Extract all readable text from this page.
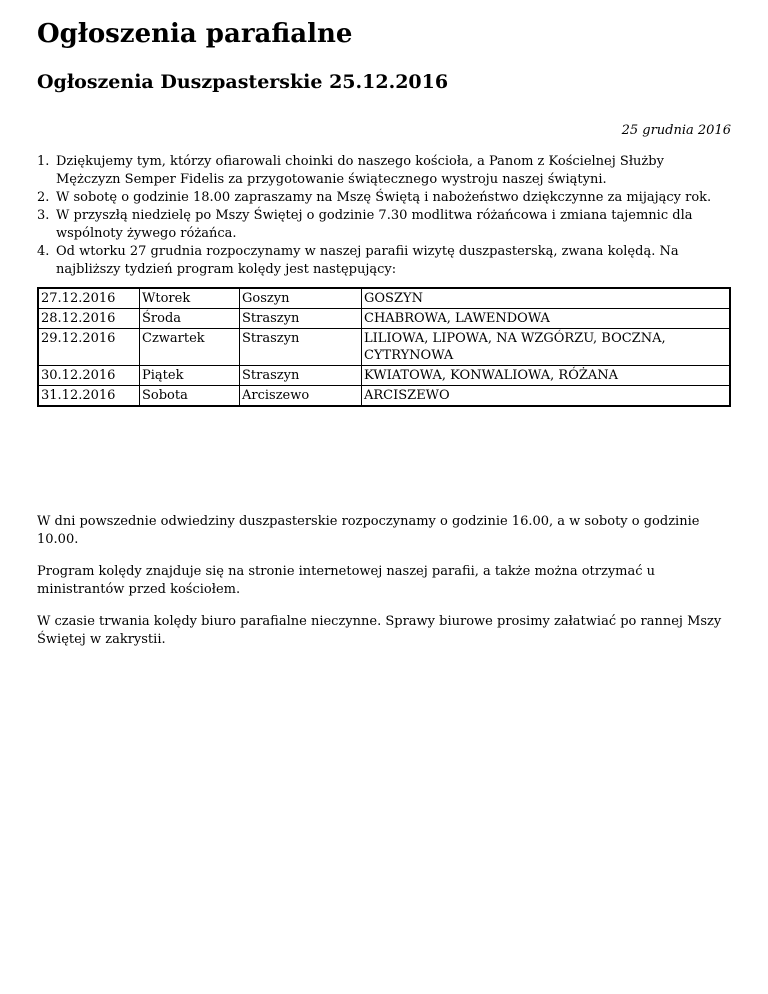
Ogłoszenia parafialne
Ogłoszenia Duszpasterskie 25.12.2016
25 grudnia 2016
1. Dziękujemy tym, którzy ofiarowali choinki do naszego kościoła, a Panom z Kościelnej Służby Mężczyzn Semper Fidelis za przygotowanie świątecznego wystroju naszej świątyni.
2. W sobotę o godzinie 18.00 zapraszamy na Mszę Świętą i nabożeństwo dziękczynne za mijający rok.
3. W przyszłą niedzielę po Mszy Świętej o godzinie 7.30 modlitwa różańcowa i zmiana tajemnic dla wspólnoty żywego różańca.
4. Od wtorku 27 grudnia rozpoczynamy w naszej parafii wizytę duszpasterską, zwana kolędą. Na najbliższy tydzień program kolędy jest następujący:
27.12.2016	Wtorek	Goszyn	GOSZYN
28.12.2016	Środa	Straszyn	CHABROWA, LAWENDOWA
29.12.2016	Czwartek	Straszyn	LILIOWA, LIPOWA, NA WZGÓRZU, BOCZNA, CYTRYNOWA
30.12.2016	Piątek	Straszyn	KWIATOWA, KONWALIOWA, RÓŻANA
31.12.2016	Sobota	Arciszewo	ARCISZEWO

W dni powszednie odwiedziny duszpasterskie rozpoczynamy o godzinie 16.00, a w soboty o godzinie 10.00.

Program kolędy znajduje się na stronie internetowej naszej parafii, a także można otrzymać u ministrantów przed kościołem.

W czasie trwania kolędy biuro parafialne nieczynne. Sprawy biurowe prosimy załatwiać po rannej Mszy Świętej w zakrystii.
